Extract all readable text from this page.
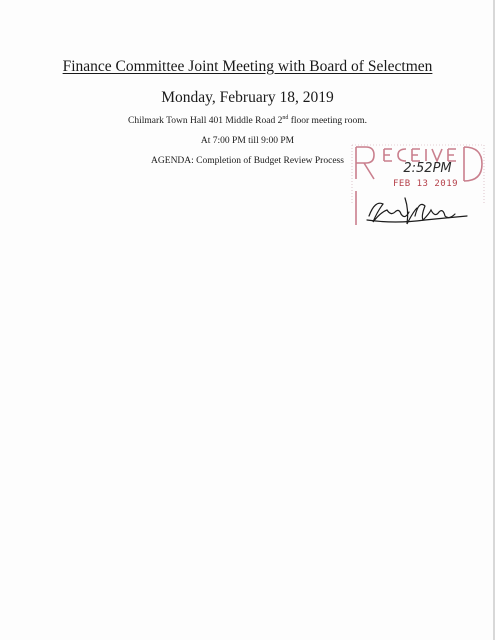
Finance Committee Joint Meeting with Board of Selectmen
Monday, February 18, 2019
Chilmark Town Hall 401 Middle Road 2nd floor meeting room.
At 7:00 PM till 9:00 PM
AGENDA: Completion of Budget Review Process	2:52PM
FEB 13 2019
